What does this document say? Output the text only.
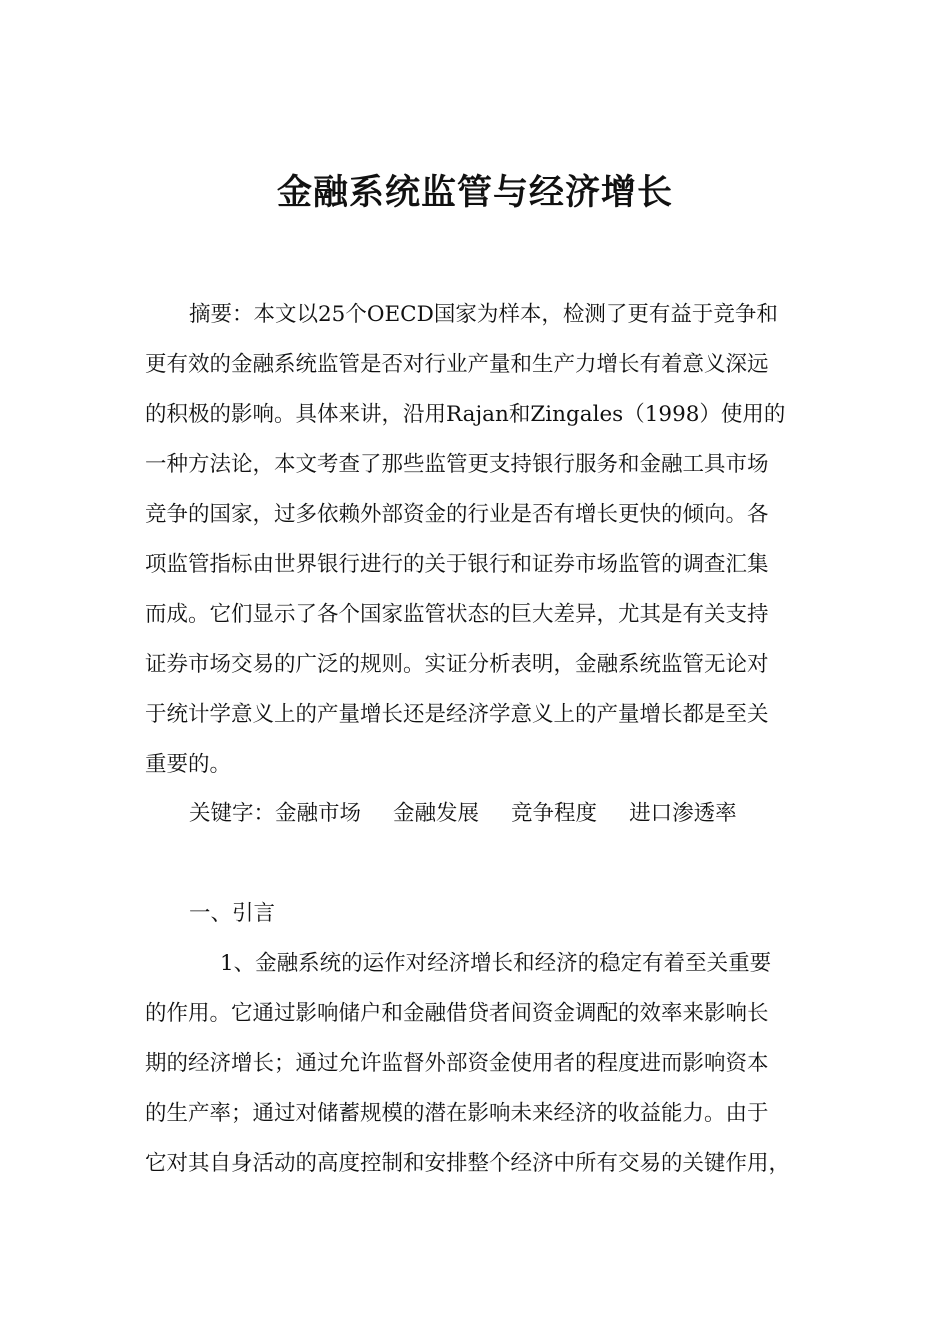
金融系统监管与经济增长
摘要：本文以25个OECD国家为样本，检测了更有益于竞争和
更有效的金融系统监管是否对行业产量和生产力增长有着意义深远
的积极的影响。具体来讲，沿用Rajan和Zingales（1998）使用的
一种方法论，本文考查了那些监管更支持银行服务和金融工具市场
竞争的国家，过多依赖外部资金的行业是否有增长更快的倾向。各
项监管指标由世界银行进行的关于银行和证券市场监管的调查汇集
而成。它们显示了各个国家监管状态的巨大差异，尤其是有关支持
证券市场交易的广泛的规则。实证分析表明，金融系统监管无论对
于统计学意义上的产量增长还是经济学意义上的产量增长都是至关
重要的。
关键字：金融市场 金融发展 竞争程度 进口渗透率
一、引言
1、金融系统的运作对经济增长和经济的稳定有着至关重要
的作用。它通过影响储户和金融借贷者间资金调配的效率来影响长
期的经济增长；通过允许监督外部资金使用者的程度进而影响资本
的生产率；通过对储蓄规模的潜在影响未来经济的收益能力。由于
它对其自身活动的高度控制和安排整个经济中所有交易的关键作用，
